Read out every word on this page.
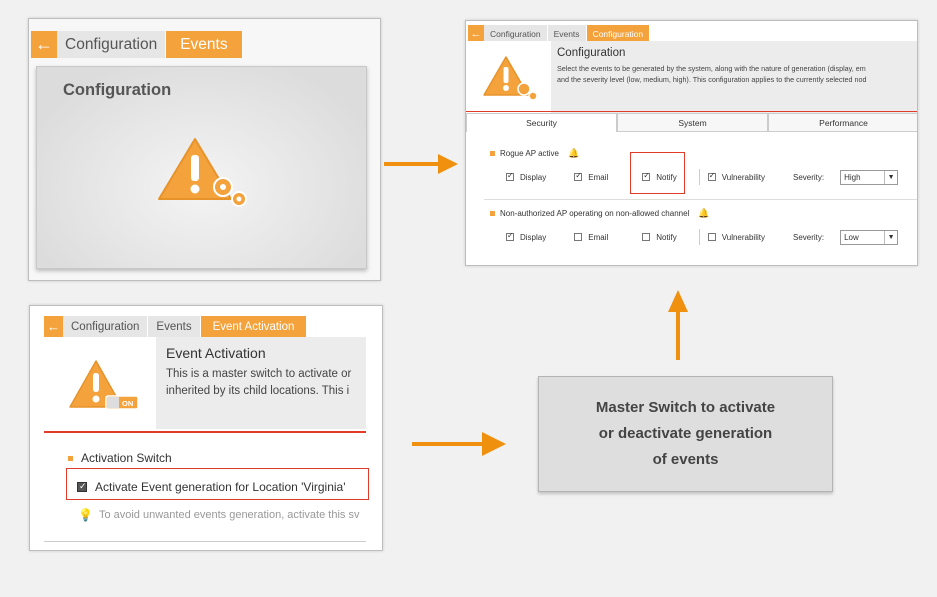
← Configuration	Events
Configuration
←	Configuration	Events	Configuration
Configuration
Select the events to be generated by the system, along with the nature of generation (display, em
and the severity level (low, medium, high). This configuration applies to the currently selected nod
Security	System	Performance
Rogue AP active 🔔
✓
Display ✓	Email ✓	Notify ✓	Vulnerability	Severity:	High	▼
Non-authorized AP operating on non-allowed channel 🔔
✓
Display	Email	Notify	Vulnerability	Severity:	Low	▼
← Configuration	Events	Event Activation
ON
Event Activation
This is a master switch to activate or
inherited by its child locations. This i
Activation Switch
✓
Activate Event generation for Location 'Virginia'
💡 To avoid unwanted events generation, activate this sv
Master Switch to activate
or deactivate generation
of events
